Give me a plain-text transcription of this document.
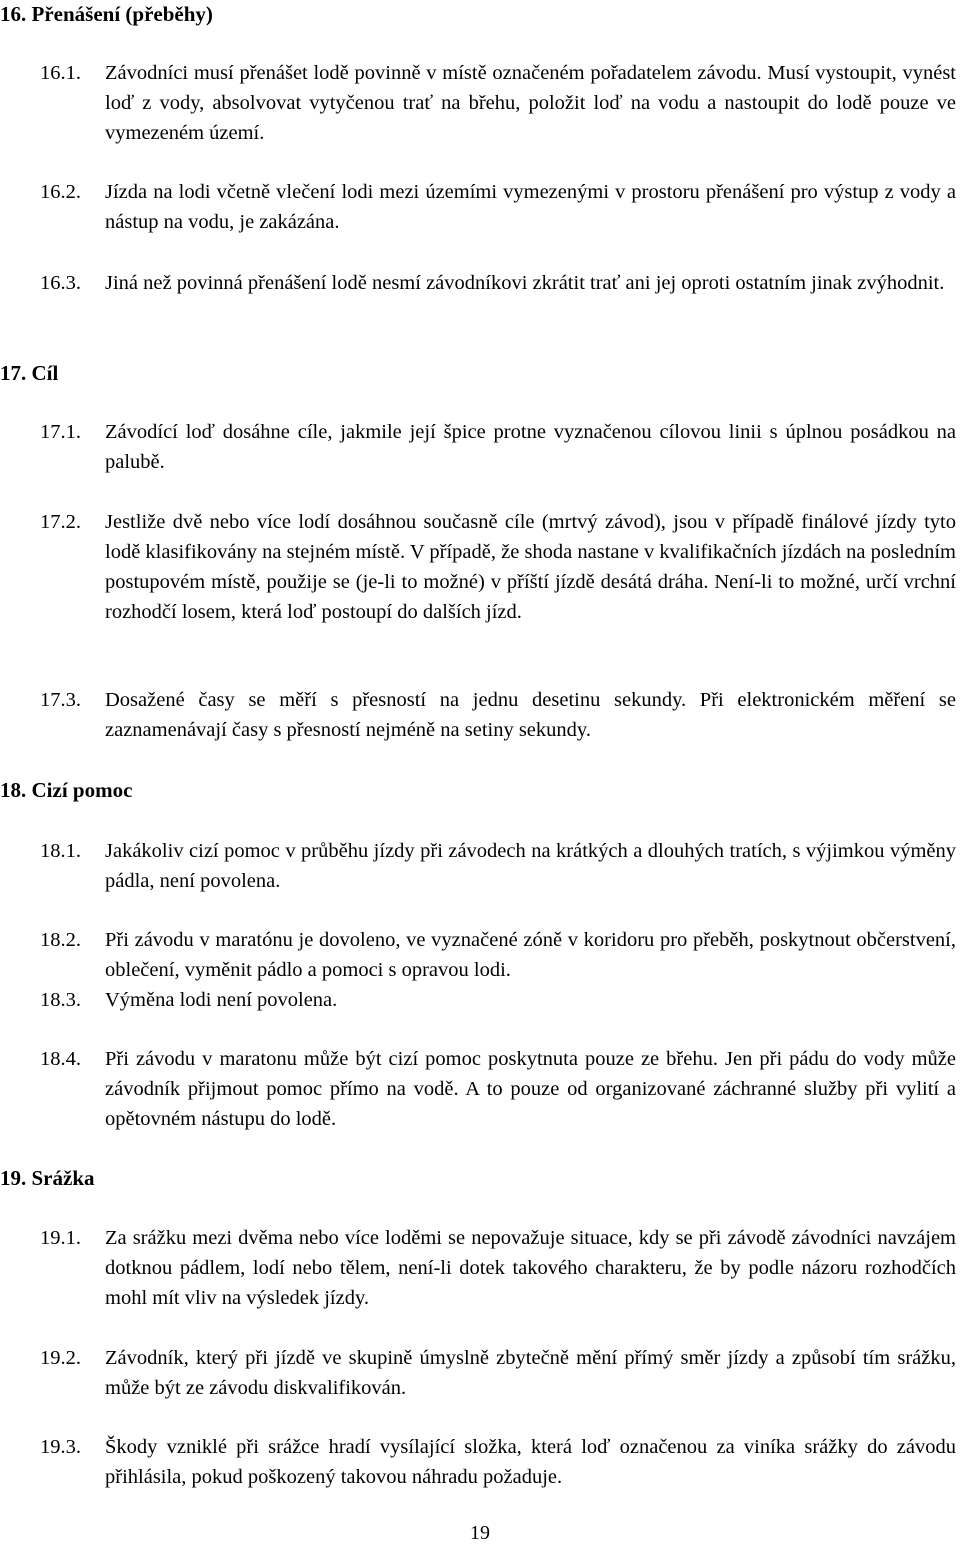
16. Přenášení (přeběhy)
16.1. Závodníci musí přenášet lodě povinně v místě označeném pořadatelem závodu. Musí vystoupit, vynést loď z vody, absolvovat vytyčenou trať na břehu, položit loď na vodu a nastoupit do lodě pouze ve vymezeném území.
16.2. Jízda na lodi včetně vlečení lodi mezi územími vymezenými v prostoru přenášení pro výstup z vody a nástup na vodu, je zakázána.
16.3. Jiná než povinná přenášení lodě nesmí závodníkovi zkrátit trať ani jej oproti ostatním jinak zvýhodnit.
17. Cíl
17.1. Závodící loď dosáhne cíle, jakmile její špice protne vyznačenou cílovou linii s úplnou posádkou na palubě.
17.2. Jestliže dvě nebo více lodí dosáhnou současně cíle (mrtvý závod), jsou v případě finálové jízdy tyto lodě klasifikovány na stejném místě. V případě, že shoda nastane v kvalifikačních jízdách na posledním postupovém místě, použije se (je-li to možné) v příští jízdě desátá dráha. Není-li to možné, určí vrchní rozhodčí losem, která loď postoupí do dalších jízd.
17.3. Dosažené časy se měří s přesností na jednu desetinu sekundy. Při elektronickém měření se zaznamenávají časy s přesností nejméně na setiny sekundy.
18. Cizí pomoc
18.1. Jakákoliv cizí pomoc v průběhu jízdy při závodech na krátkých a dlouhých tratích, s výjimkou výměny pádla, není povolena.
18.2. Při závodu v maratónu je dovoleno, ve vyznačené zóně v koridoru pro přeběh, poskytnout občerstvení, oblečení, vyměnit pádlo a pomoci s opravou lodi.
18.3. Výměna lodi není povolena.
18.4. Při závodu v maratonu může být cizí pomoc poskytnuta pouze ze břehu. Jen při pádu do vody může závodník přijmout pomoc přímo na vodě. A to pouze od organizované záchranné služby při vylití a opětovném nástupu do lodě.
19. Srážka
19.1. Za srážku mezi dvěma nebo více loděmi se nepovažuje situace, kdy se při závodě závodníci navzájem dotknou pádlem, lodí nebo tělem, není-li dotek takového charakteru, že by podle názoru rozhodčích mohl mít vliv na výsledek jízdy.
19.2. Závodník, který při jízdě ve skupině úmyslně zbytečně mění přímý směr jízdy a způsobí tím srážku, může být ze závodu diskvalifikován.
19.3. Škody vzniklé při srážce hradí vysílající složka, která loď označenou za viníka srážky do závodu přihlásila, pokud poškozený takovou náhradu požaduje.
19
